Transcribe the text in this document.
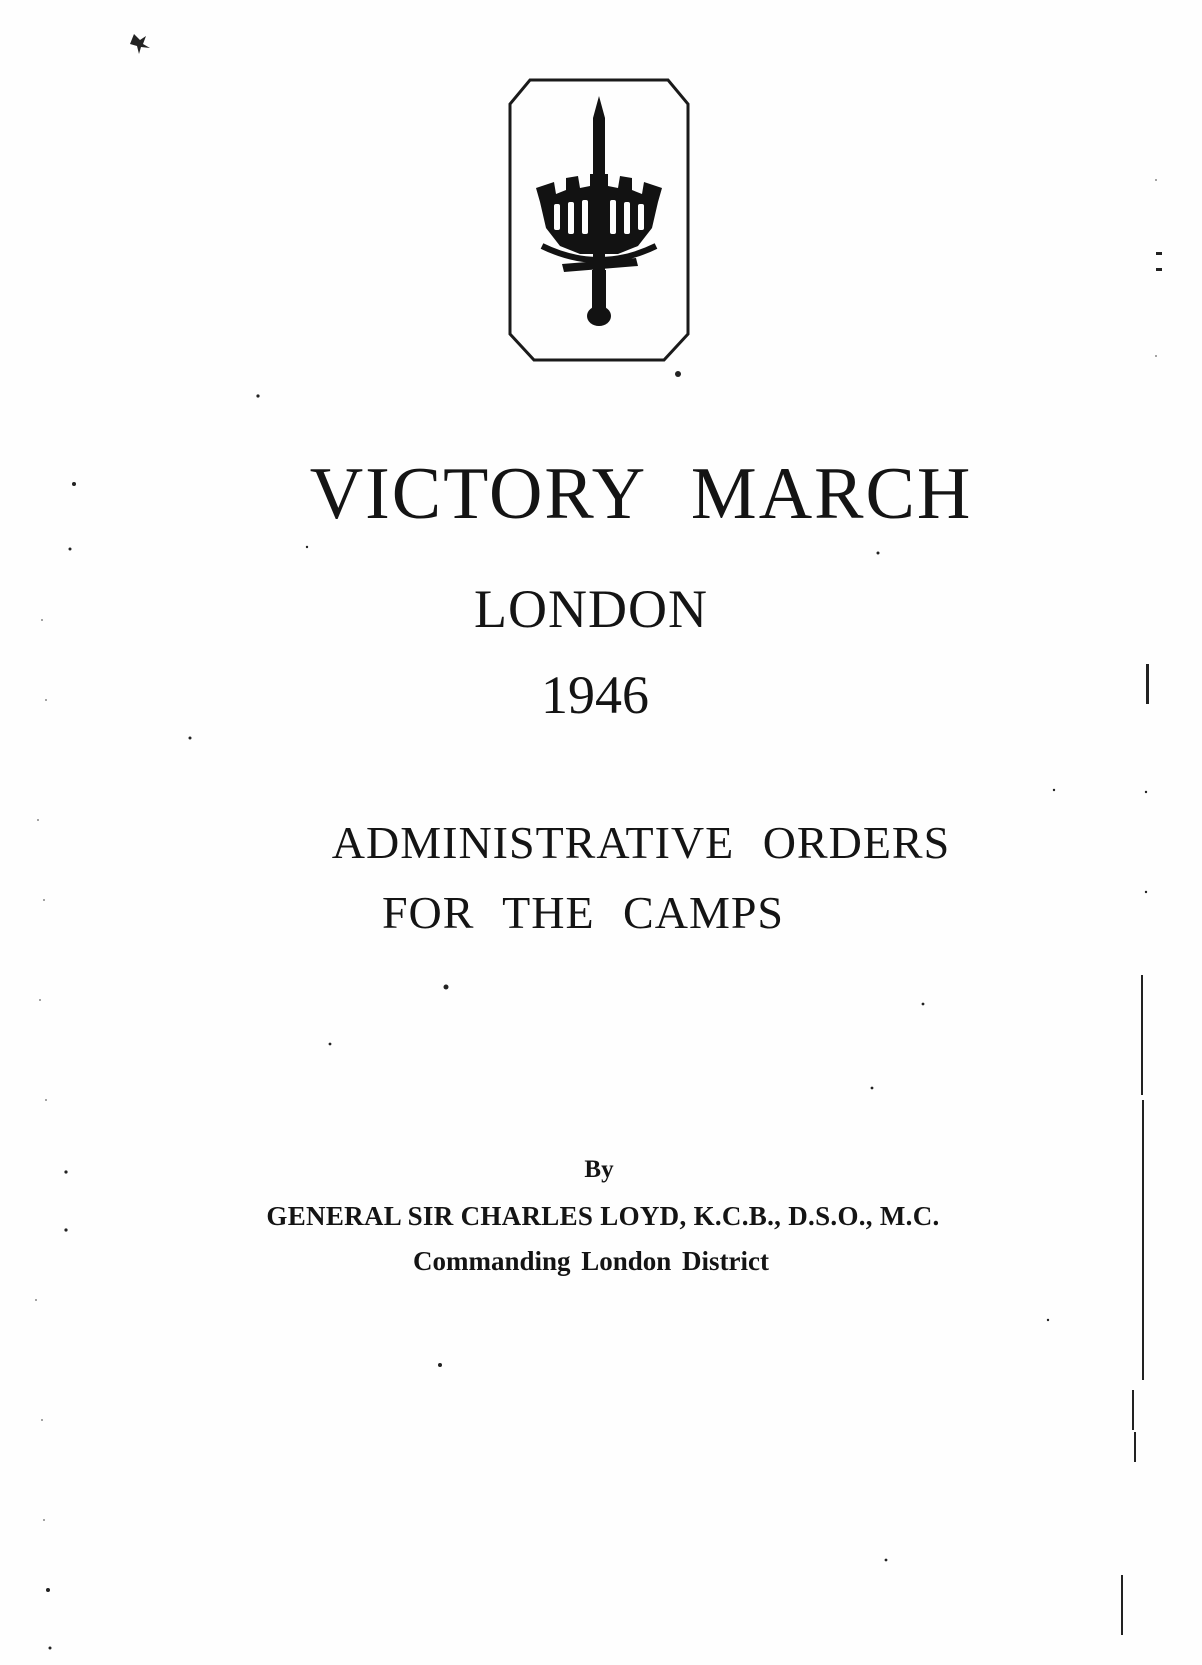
VICTORY MARCH
LONDON
1946
ADMINISTRATIVE ORDERS
FOR THE CAMPS
By
GENERAL SIR CHARLES LOYD, K.C.B., D.S.O., M.C.
Commanding London District
